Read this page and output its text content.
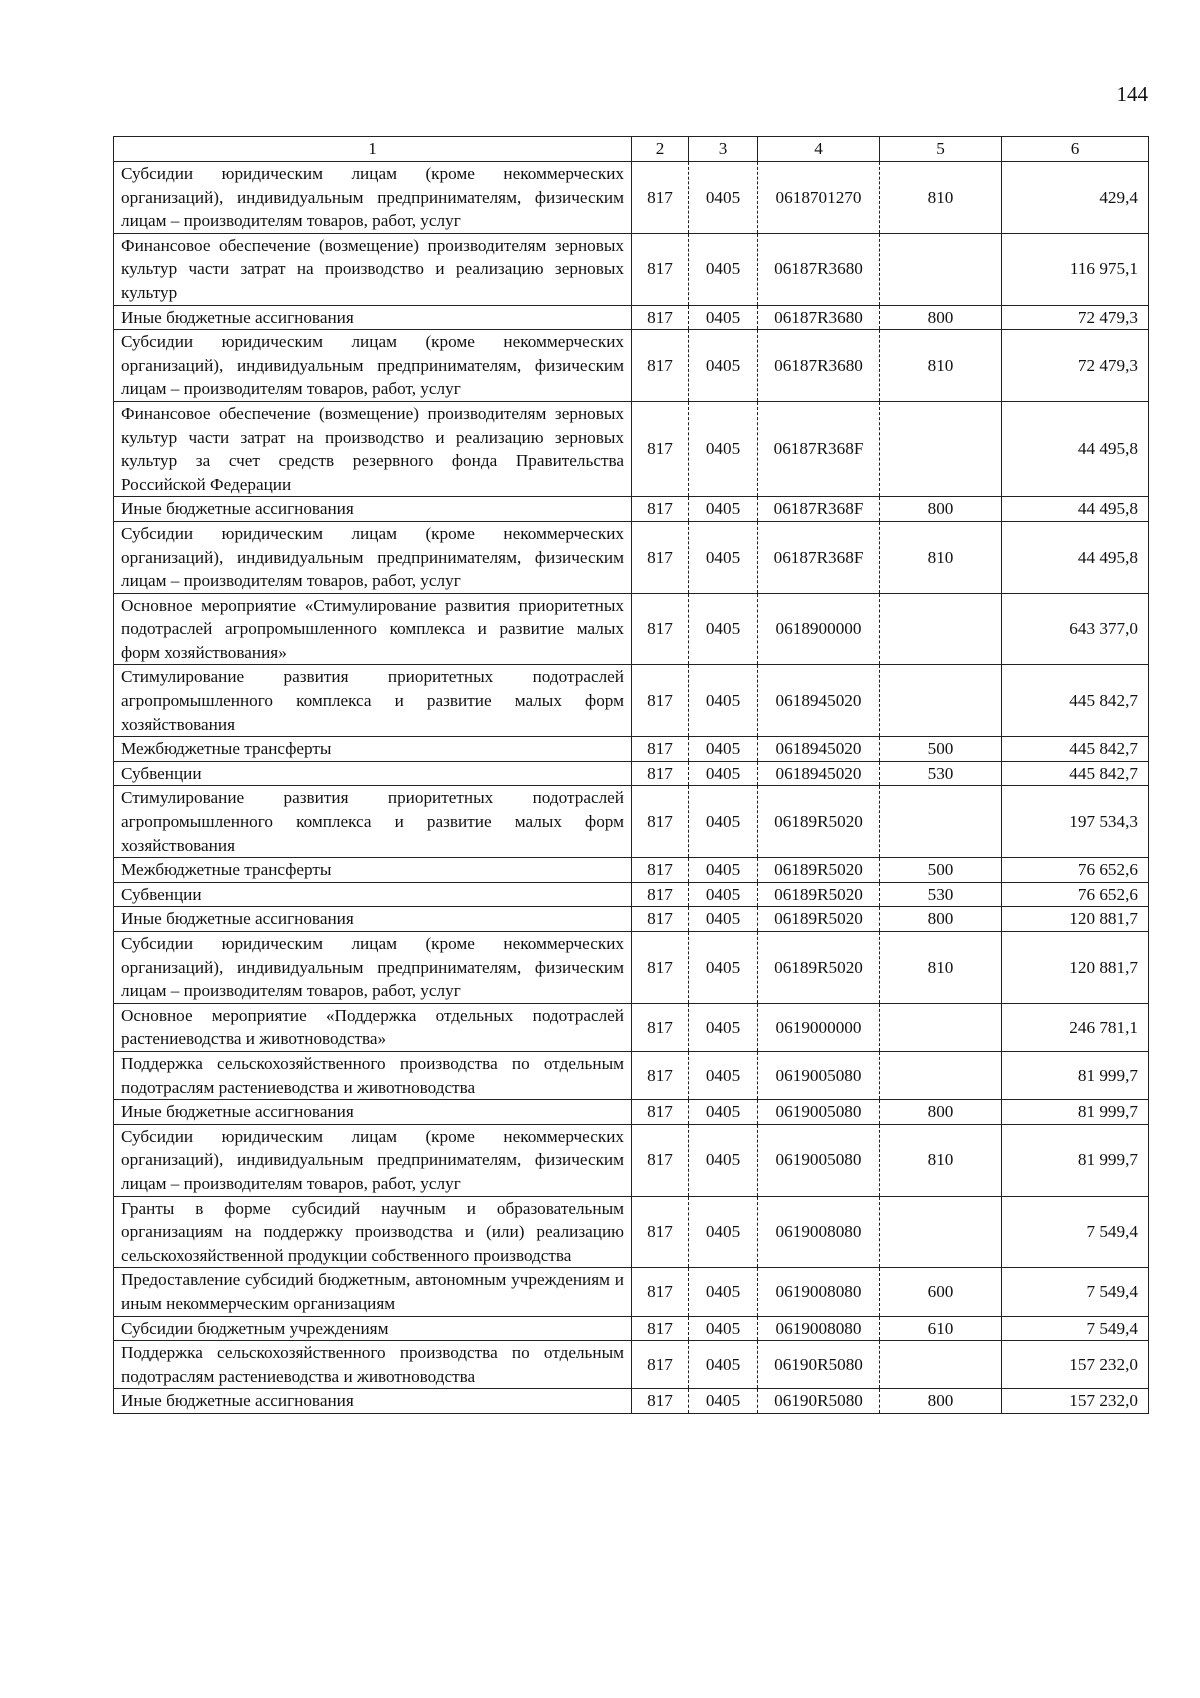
144
1	2	3	4	5	6
Субсидии юридическим лицам (кроме некоммерческих организаций), индивидуальным предпринимателям, физическим лицам – производителям товаров, работ, услуг	817	0405	0618701270	810	429,4
Финансовое обеспечение (возмещение) производителям зерновых культур части затрат на производство и реализацию зерновых культур	817	0405	06187R3680		116 975,1
Иные бюджетные ассигнования	817	0405	06187R3680	800	72 479,3
Субсидии юридическим лицам (кроме некоммерческих организаций), индивидуальным предпринимателям, физическим лицам – производителям товаров, работ, услуг	817	0405	06187R3680	810	72 479,3
Финансовое обеспечение (возмещение) производителям зерновых культур части затрат на производство и реализацию зерновых культур за счет средств резервного фонда Правительства Российской Федерации	817	0405	06187R368F		44 495,8
Иные бюджетные ассигнования	817	0405	06187R368F	800	44 495,8
Субсидии юридическим лицам (кроме некоммерческих организаций), индивидуальным предпринимателям, физическим лицам – производителям товаров, работ, услуг	817	0405	06187R368F	810	44 495,8
Основное мероприятие «Стимулирование развития приоритетных подотраслей агропромышленного комплекса и развитие малых форм хозяйствования»	817	0405	0618900000		643 377,0
Стимулирование развития приоритетных подотраслей агропромышленного комплекса и развитие малых форм хозяйствования	817	0405	0618945020		445 842,7
Межбюджетные трансферты	817	0405	0618945020	500	445 842,7
Субвенции	817	0405	0618945020	530	445 842,7
Стимулирование развития приоритетных подотраслей агропромышленного комплекса и развитие малых форм хозяйствования	817	0405	06189R5020		197 534,3
Межбюджетные трансферты	817	0405	06189R5020	500	76 652,6
Субвенции	817	0405	06189R5020	530	76 652,6
Иные бюджетные ассигнования	817	0405	06189R5020	800	120 881,7
Субсидии юридическим лицам (кроме некоммерческих организаций), индивидуальным предпринимателям, физическим лицам – производителям товаров, работ, услуг	817	0405	06189R5020	810	120 881,7
Основное мероприятие «Поддержка отдельных подотраслей растениеводства и животноводства»	817	0405	0619000000		246 781,1
Поддержка сельскохозяйственного производства по отдельным подотраслям растениеводства и животноводства	817	0405	0619005080		81 999,7
Иные бюджетные ассигнования	817	0405	0619005080	800	81 999,7
Субсидии юридическим лицам (кроме некоммерческих организаций), индивидуальным предпринимателям, физическим лицам – производителям товаров, работ, услуг	817	0405	0619005080	810	81 999,7
Гранты в форме субсидий научным и образовательным организациям на поддержку производства и (или) реализацию сельскохозяйственной продукции собственного производства	817	0405	0619008080		7 549,4
Предоставление субсидий бюджетным, автономным учреждениям и иным некоммерческим организациям	817	0405	0619008080	600	7 549,4
Субсидии бюджетным учреждениям	817	0405	0619008080	610	7 549,4
Поддержка сельскохозяйственного производства по отдельным подотраслям растениеводства и животноводства	817	0405	06190R5080		157 232,0
Иные бюджетные ассигнования	817	0405	06190R5080	800	157 232,0
